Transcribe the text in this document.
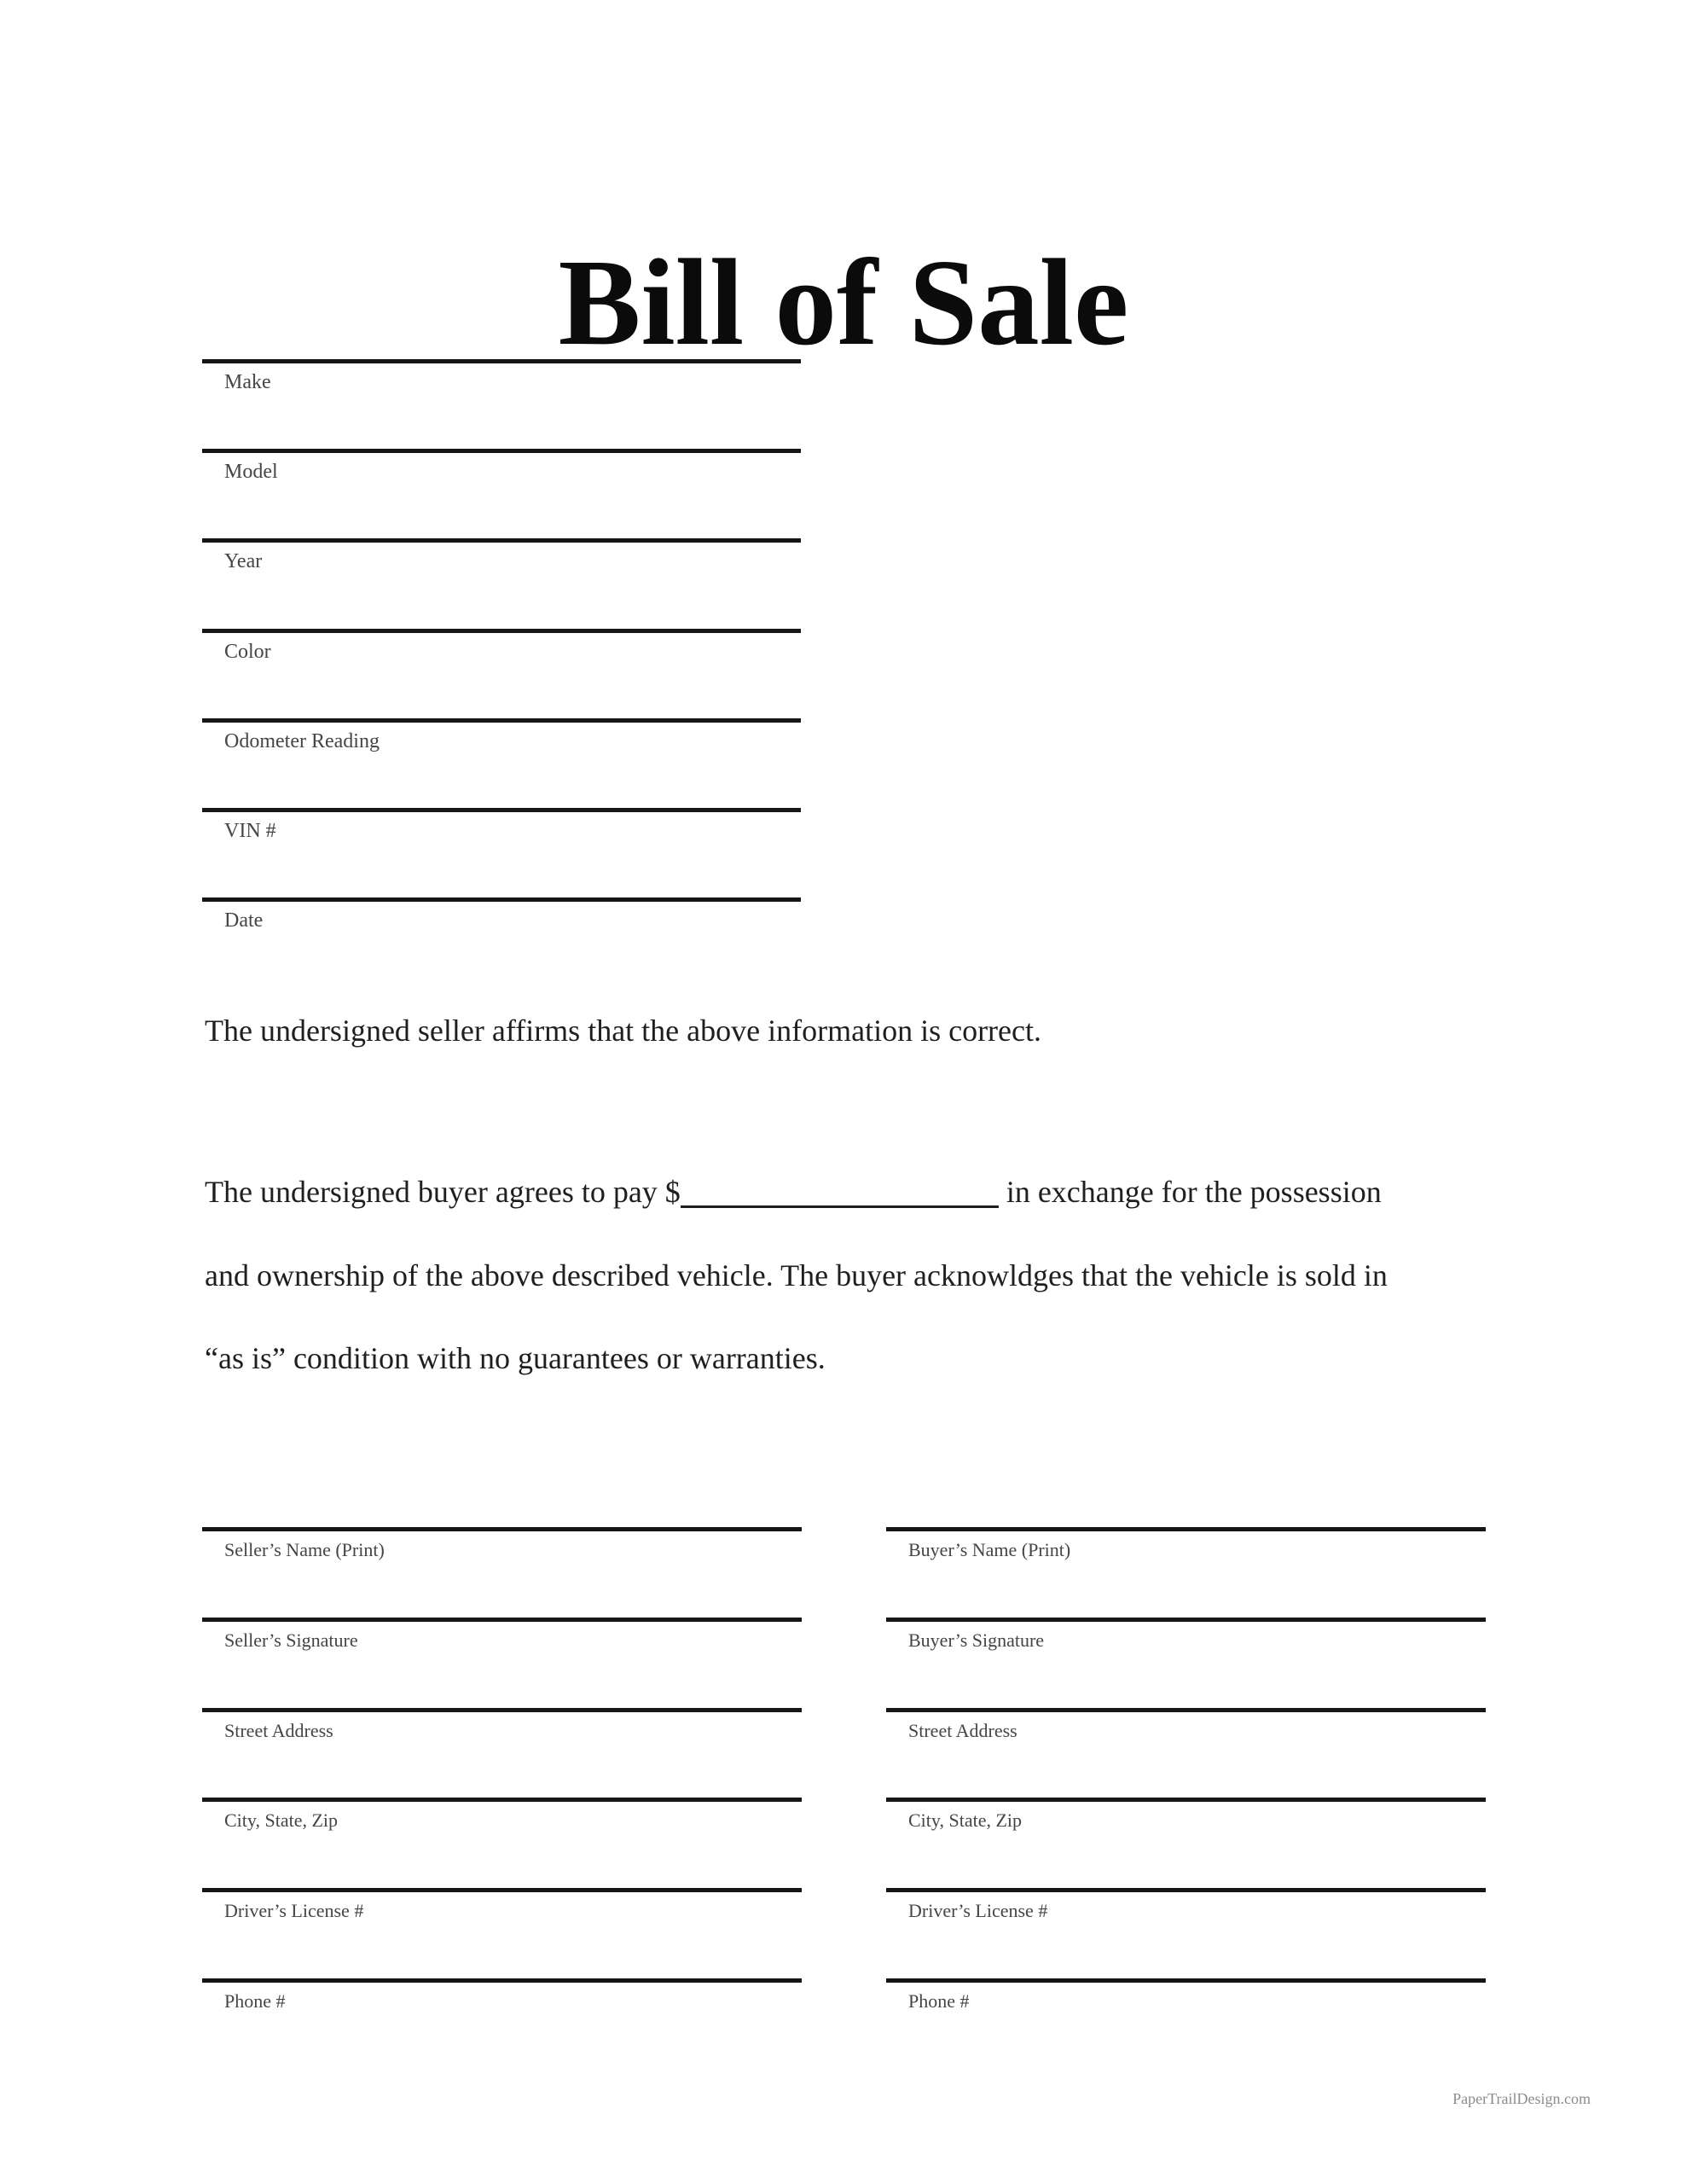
Bill of Sale
Make
Model
Year
Color
Odometer Reading
VIN #
Date
The undersigned seller affirms that the above information is correct.
The undersigned buyer agrees to pay $	in exchange for the possession
and ownership of the above described vehicle. The buyer acknowldges that the vehicle is sold in
“as is” condition with no guarantees or warranties.
Seller’s Name (Print)
Seller’s Signature
Street Address
City, State, Zip
Driver’s License #
Phone #
Buyer’s Name (Print)
Buyer’s Signature
Street Address
City, State, Zip
Driver’s License #
Phone #
PaperTrailDesign.com
